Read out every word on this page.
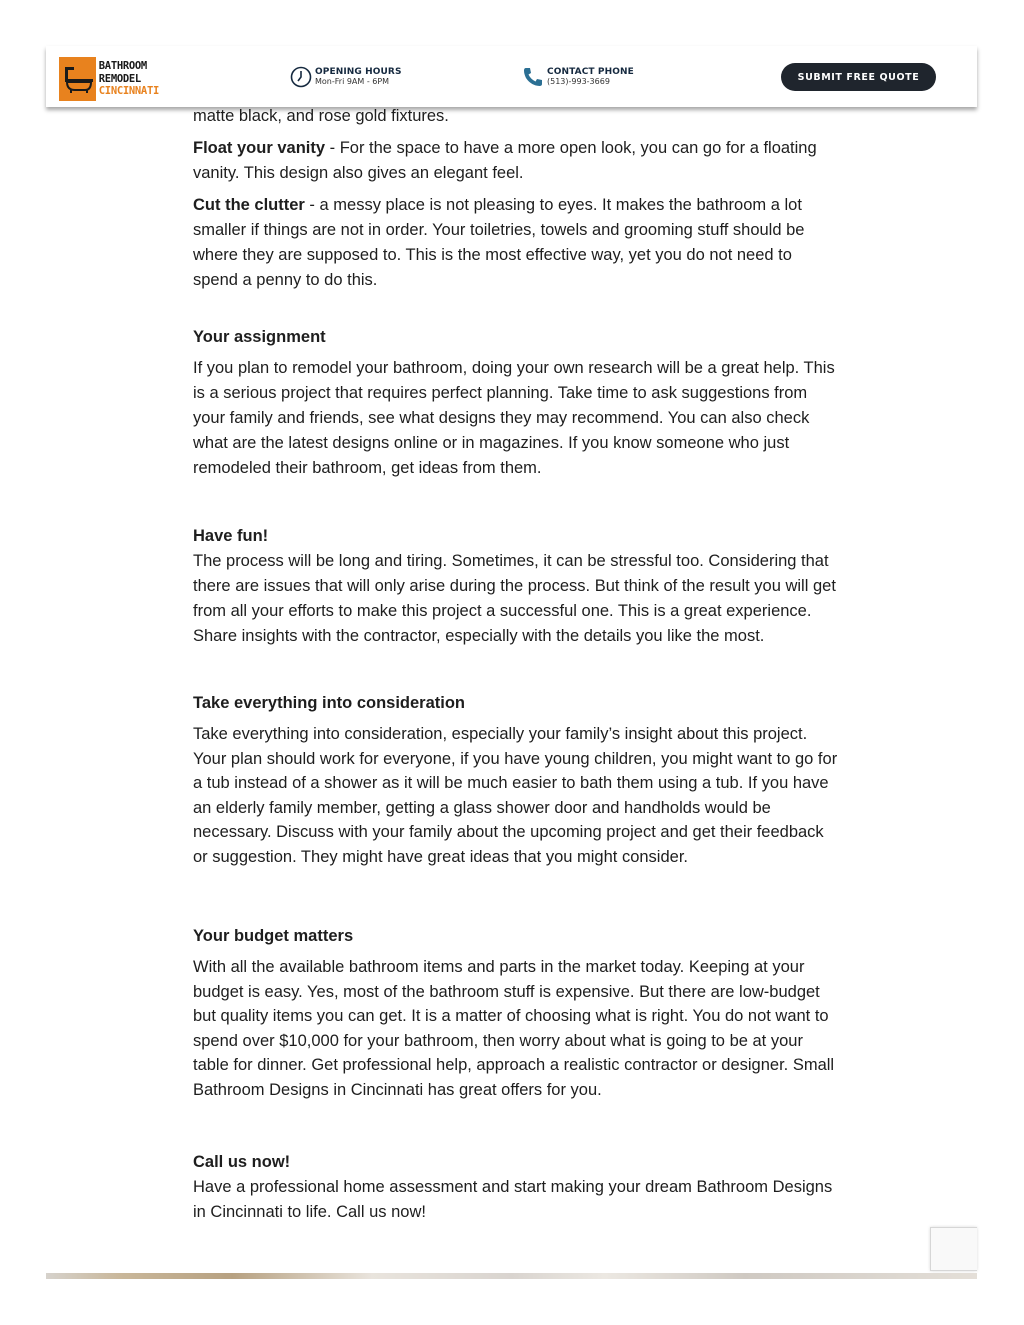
BATHROOM
REMODEL
CINCINNATI
OPENING HOURS
Mon-Fri 9AM - 6PM
CONTACT PHONE
(513)-993-3669	SUBMIT FREE QUOTE
matte black, and rose gold fixtures.

Float your vanity - For the space to have a more open look, you can go for a floating vanity. This design also gives an elegant feel.

Cut the clutter - a messy place is not pleasing to eyes. It makes the bathroom a lot smaller if things are not in order. Your toiletries, towels and grooming stuff should be where they are supposed to. This is the most effective way, yet you do not need to spend a penny to do this.

Your assignment

If you plan to remodel your bathroom, doing your own research will be a great help. This is a serious project that requires perfect planning. Take time to ask suggestions from your family and friends, see what designs they may recommend. You can also check what are the latest designs online or in magazines. If you know someone who just remodeled their bathroom, get ideas from them.

Have fun!

The process will be long and tiring. Sometimes, it can be stressful too. Considering that there are issues that will only arise during the process. But think of the result you will get from all your efforts to make this project a successful one. This is a great experience. Share insights with the contractor, especially with the details you like the most.

Take everything into consideration

Take everything into consideration, especially your family’s insight about this project. Your plan should work for everyone, if you have young children, you might want to go for a tub instead of a shower as it will be much easier to bath them using a tub. If you have an elderly family member, getting a glass shower door and handholds would be necessary. Discuss with your family about the upcoming project and get their feedback or suggestion. They might have great ideas that you might consider.

Your budget matters

With all the available bathroom items and parts in the market today. Keeping at your budget is easy. Yes, most of the bathroom stuff is expensive. But there are low-budget but quality items you can get. It is a matter of choosing what is right. You do not want to spend over $10,000 for your bathroom, then worry about what is going to be at your table for dinner. Get professional help, approach a realistic contractor or designer. Small Bathroom Designs in Cincinnati has great offers for you.

Call us now!

Have a professional home assessment and start making your dream Bathroom Designs in Cincinnati to life. Call us now!
